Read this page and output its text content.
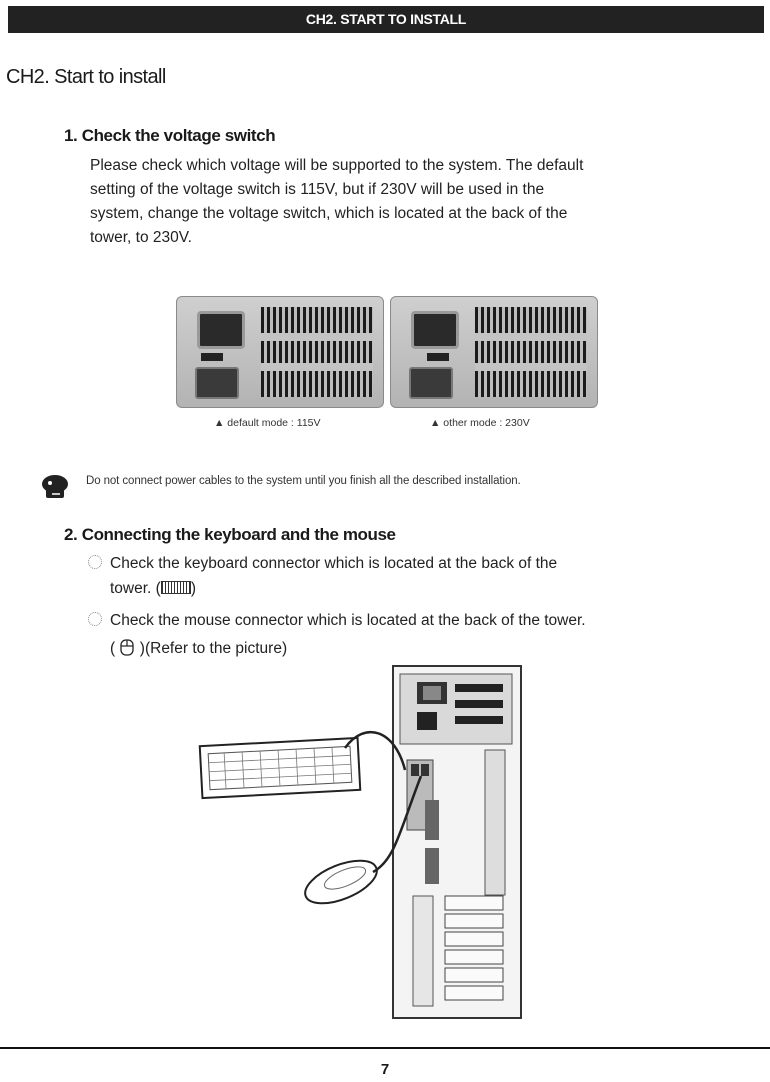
CH2. START TO INSTALL
CH2. Start to install
1. Check the voltage switch
Please check which voltage will be supported to the system. The default
setting of the voltage switch is 115V, but if 230V will be used in the
system, change the voltage switch, which is located at the back of the
tower, to 230V.
▲ default mode : 115V	▲ other mode : 230V
Do not connect power cables to the system until you finish all the described installation.
2. Connecting the keyboard and the mouse
Check the keyboard connector which is located at the back of the
tower. ( )
Check the mouse connector which is located at the back of the tower.
( )(Refer to the picture)
7
